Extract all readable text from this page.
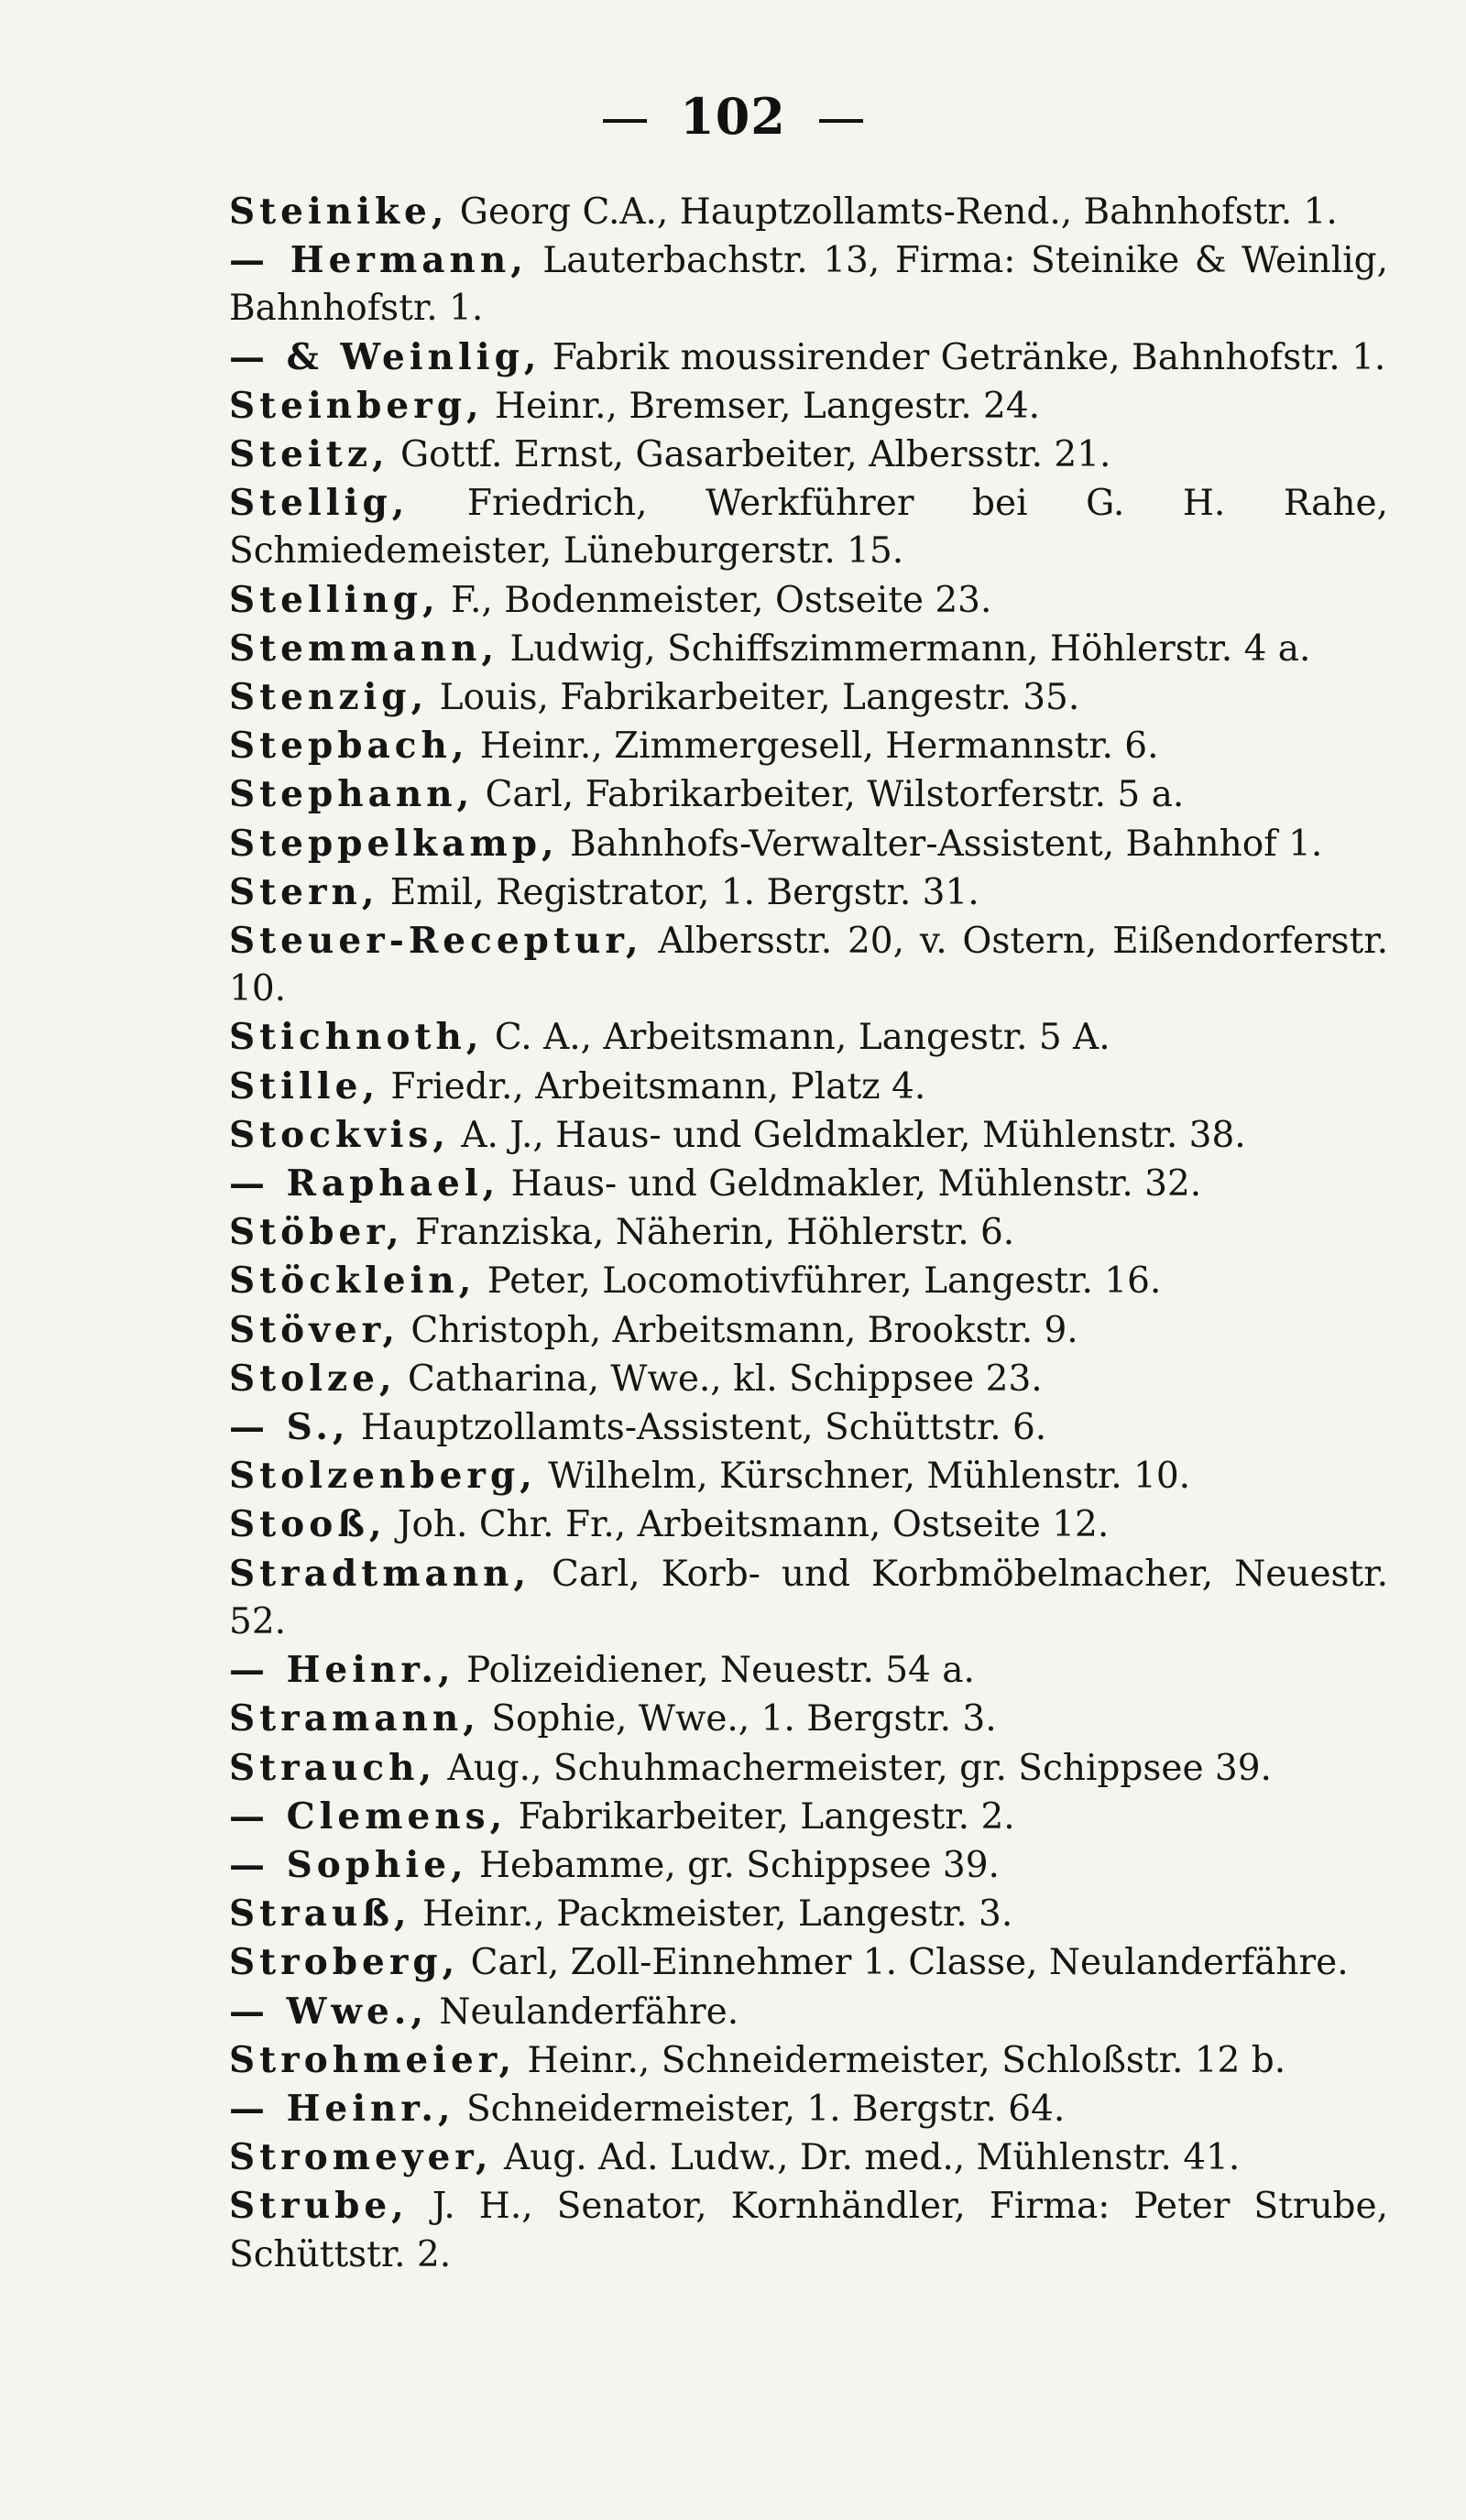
102

Steinike, Georg C.A., Hauptzollamts-Rend., Bahnhofstr. 1.

— Hermann, Lauterbachstr. 13, Firma: Steinike & Weinlig, Bahnhofstr. 1.

— & Weinlig, Fabrik moussirender Getränke, Bahnhofstr. 1.

Steinberg, Heinr., Bremser, Langestr. 24.

Steitz, Gottf. Ernst, Gasarbeiter, Albersstr. 21.

Stellig, Friedrich, Werkführer bei G. H. Rahe, Schmiedemeister, Lüneburgerstr. 15.

Stelling, F., Bodenmeister, Ostseite 23.

Stemmann, Ludwig, Schiffszimmermann, Höhlerstr. 4 a.

Stenzig, Louis, Fabrikarbeiter, Langestr. 35.

Stepbach, Heinr., Zimmergesell, Hermannstr. 6.

Stephann, Carl, Fabrikarbeiter, Wilstorferstr. 5 a.

Steppelkamp, Bahnhofs-Verwalter-Assistent, Bahnhof 1.

Stern, Emil, Registrator, 1. Bergstr. 31.

Steuer-Receptur, Albersstr. 20, v. Ostern, Eißendorferstr. 10.

Stichnoth, C. A., Arbeitsmann, Langestr. 5 A.

Stille, Friedr., Arbeitsmann, Platz 4.

Stockvis, A. J., Haus- und Geldmakler, Mühlenstr. 38.

— Raphael, Haus- und Geldmakler, Mühlenstr. 32.

Stöber, Franziska, Näherin, Höhlerstr. 6.

Stöcklein, Peter, Locomotivführer, Langestr. 16.

Stöver, Christoph, Arbeitsmann, Brookstr. 9.

Stolze, Catharina, Wwe., kl. Schippsee 23.

— S., Hauptzollamts-Assistent, Schüttstr. 6.

Stolzenberg, Wilhelm, Kürschner, Mühlenstr. 10.

Stooß, Joh. Chr. Fr., Arbeitsmann, Ostseite 12.

Stradtmann, Carl, Korb- und Korbmöbelmacher, Neuestr. 52.

— Heinr., Polizeidiener, Neuestr. 54 a.

Stramann, Sophie, Wwe., 1. Bergstr. 3.

Strauch, Aug., Schuhmachermeister, gr. Schippsee 39.

— Clemens, Fabrikarbeiter, Langestr. 2.

— Sophie, Hebamme, gr. Schippsee 39.

Strauß, Heinr., Packmeister, Langestr. 3.

Stroberg, Carl, Zoll-Einnehmer 1. Classe, Neulanderfähre.

— Wwe., Neulanderfähre.

Strohmeier, Heinr., Schneidermeister, Schloßstr. 12 b.

— Heinr., Schneidermeister, 1. Bergstr. 64.

Stromeyer, Aug. Ad. Ludw., Dr. med., Mühlenstr. 41.

Strube, J. H., Senator, Kornhändler, Firma: Peter Strube, Schüttstr. 2.
